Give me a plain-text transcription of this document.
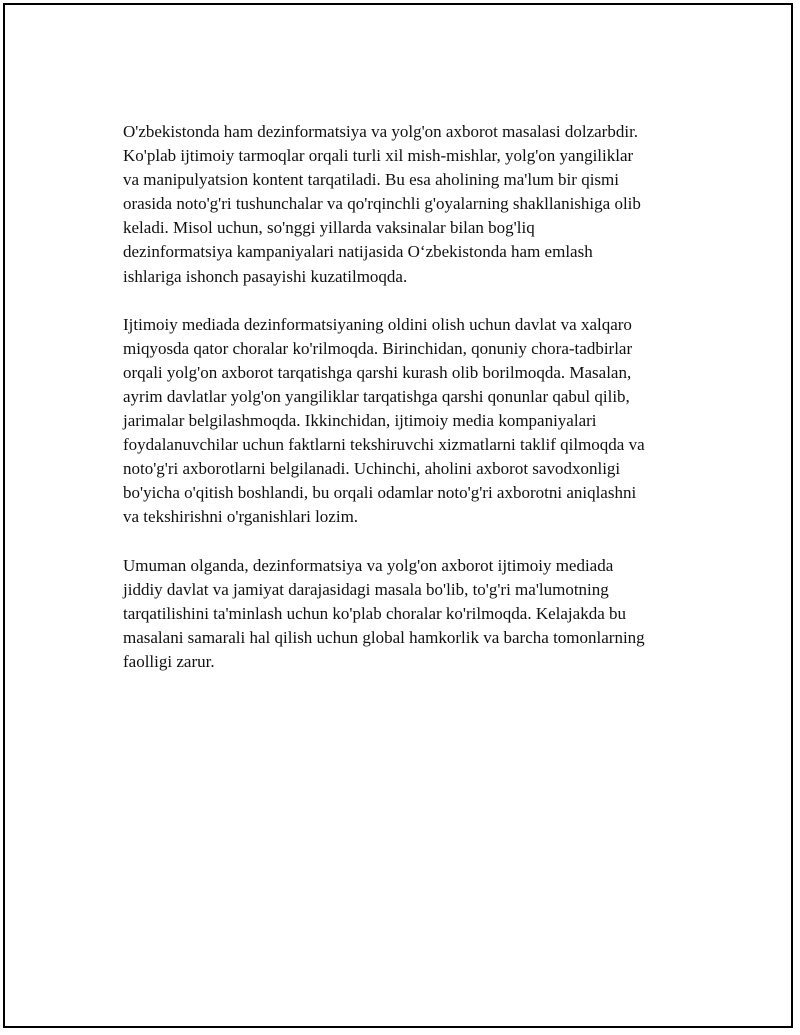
O'zbekistonda ham dezinformatsiya va yolg'on axborot masalasi dolzarbdir.
Ko'plab ijtimoiy tarmoqlar orqali turli xil mish-mishlar, yolg'on yangiliklar
va manipulyatsion kontent tarqatiladi. Bu esa aholining ma'lum bir qismi
orasida noto'g'ri tushunchalar va qo'rqinchli g'oyalarning shakllanishiga olib
keladi. Misol uchun, so'nggi yillarda vaksinalar bilan bog'liq
dezinformatsiya kampaniyalari natijasida O‘zbekistonda ham emlash
ishlariga ishonch pasayishi kuzatilmoqda.

Ijtimoiy mediada dezinformatsiyaning oldini olish uchun davlat va xalqaro
miqyosda qator choralar ko'rilmoqda. Birinchidan, qonuniy chora-tadbirlar
orqali yolg'on axborot tarqatishga qarshi kurash olib borilmoqda. Masalan,
ayrim davlatlar yolg'on yangiliklar tarqatishga qarshi qonunlar qabul qilib,
jarimalar belgilashmoqda. Ikkinchidan, ijtimoiy media kompaniyalari
foydalanuvchilar uchun faktlarni tekshiruvchi xizmatlarni taklif qilmoqda va
noto'g'ri axborotlarni belgilanadi. Uchinchi, aholini axborot savodxonligi
bo'yicha o'qitish boshlandi, bu orqali odamlar noto'g'ri axborotni aniqlashni
va tekshirishni o'rganishlari lozim.

Umuman olganda, dezinformatsiya va yolg'on axborot ijtimoiy mediada
jiddiy davlat va jamiyat darajasidagi masala bo'lib, to'g'ri ma'lumotning
tarqatilishini ta'minlash uchun ko'plab choralar ko'rilmoqda. Kelajakda bu
masalani samarali hal qilish uchun global hamkorlik va barcha tomonlarning
faolligi zarur.
